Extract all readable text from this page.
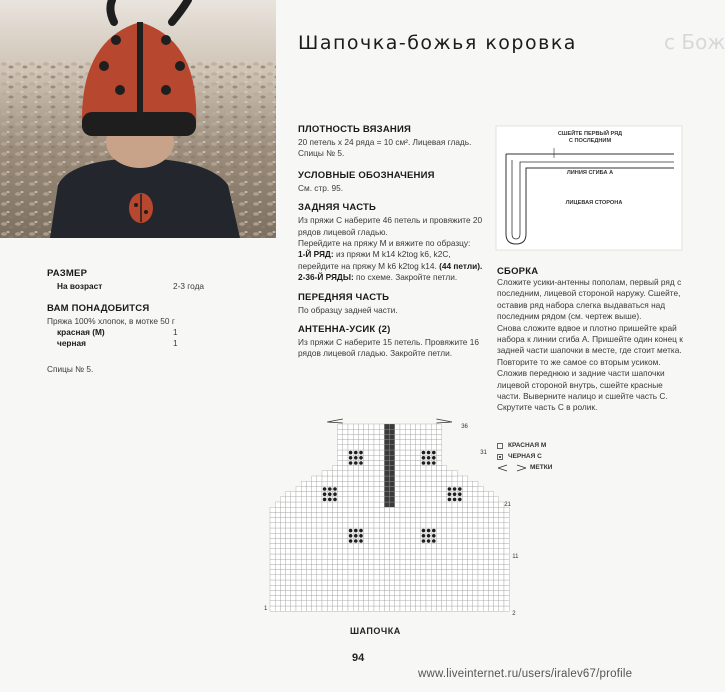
с Бож
Шапочка-божья коровка
ПЛОТНОСТЬ ВЯЗАНИЯ
20 петель х 24 ряда = 10 см². Лицевая гладь.
Спицы № 5.
УСЛОВНЫЕ ОБОЗНАЧЕНИЯ
См. стр. 95.
ЗАДНЯЯ ЧАСТЬ
Из пряжи С наберите 46 петель и провяжите 20 рядов лицевой гладью.
Перейдите на пряжу М и вяжите по образцу:
1-Й РЯД: из пряжи М k14 k2tog k6, k2C, перейдите на пряжу М k6 k2tog k14. (44 петли).
2-36-Й РЯДЫ: по схеме. Закройте петли.
ПЕРЕДНЯЯ ЧАСТЬ
По образцу задней части.
АНТЕННА-УСИК (2)
Из пряжи С наберите 15 петель. Провяжите 16 рядов лицевой гладью. Закройте петли.
РАЗМЕР
На возраст	2-3 года
ВАМ ПОНАДОБИТСЯ
Пряжа 100% хлопок, в мотке 50 г
красная (М)	1
черная	1
Спицы № 5.
СШЕЙТЕ ПЕРВЫЙ РЯД
С ПОСЛЕДНИМ
ЛИНИЯ СГИБА А
ЛИЦЕВАЯ СТОРОНА
СБОРКА
Сложите усики-антенны пополам, первый ряд с последним, лицевой стороной наружу. Сшейте, оставив ряд набора слегка выдаваться над последним рядом (см. чертеж выше).
Снова сложите вдвое и плотно пришейте край набора к линии сгиба А. Пришейте один конец к задней части шапочки в месте, где стоит метка. Повторите то же самое со вторым усиком. Сложив переднюю и задние части шапочки лицевой стороной внутрь, сшейте красные части. Выверните налицо и сшейте часть С. Скрутите часть С в ролик.
КРАСНАЯ М
ЧЕРНАЯ С
МЕТКИ
36
31
21
11
1
2
ШАПОЧКА
94
www.liveinternet.ru/users/iralev67/profile
